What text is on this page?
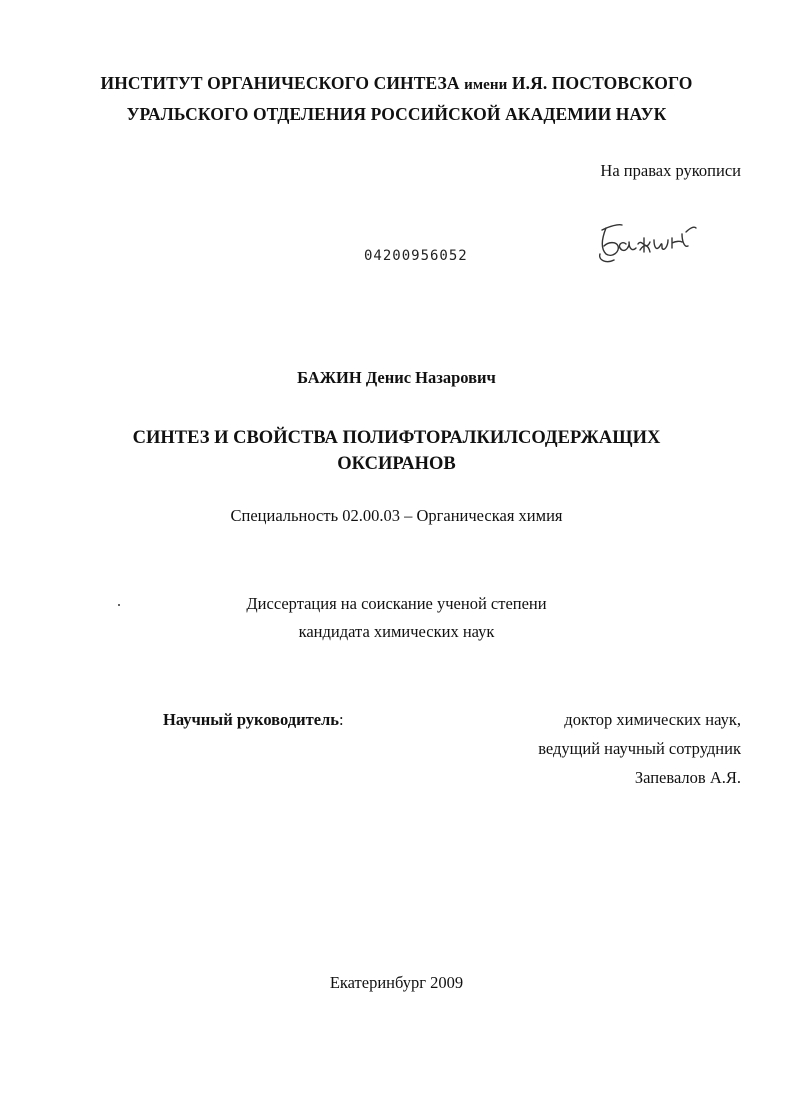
ИНСТИТУТ ОРГАНИЧЕСКОГО СИНТЕЗА имени И.Я. ПОСТОВСКОГО
УРАЛЬСКОГО ОТДЕЛЕНИЯ РОССИЙСКОЙ АКАДЕМИИ НАУК
На правах рукописи
04200956052
БАЖИН Денис Назарович
СИНТЕЗ И СВОЙСТВА ПОЛИФТОРАЛКИЛСОДЕРЖАЩИХ
ОКСИРАНОВ
Специальность 02.00.03 – Органическая химия
Диссертация на соискание ученой степени
кандидата химических наук
Научный руководитель:	доктор химических наук,
ведущий научный сотрудник
Запевалов А.Я.
Екатеринбург 2009
